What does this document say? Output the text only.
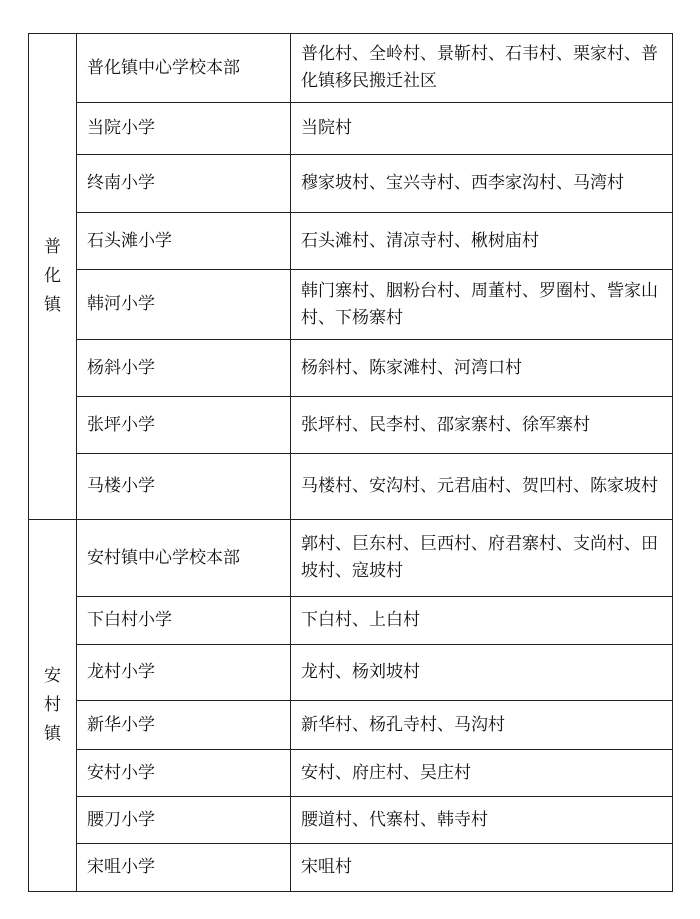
普化镇	普化镇中心学校本部	普化村、全岭村、景靳村、石韦村、栗家村、普化镇移民搬迁社区
	当院小学	当院村
	终南小学	穆家坡村、宝兴寺村、西李家沟村、马湾村
	石头滩小学	石头滩村、清凉寺村、楸树庙村
	韩河小学	韩门寨村、胭粉台村、周董村、罗圈村、訾家山村、下杨寨村
	杨斜小学	杨斜村、陈家滩村、河湾口村
	张坪小学	张坪村、民李村、邵家寨村、徐军寨村
	马楼小学	马楼村、安沟村、元君庙村、贺凹村、陈家坡村
安村镇	安村镇中心学校本部	郭村、巨东村、巨西村、府君寨村、支尚村、田坡村、寇坡村
	下白村小学	下白村、上白村
	龙村小学	龙村、杨刘坡村
	新华小学	新华村、杨孔寺村、马沟村
	安村小学	安村、府庄村、吴庄村
	腰刀小学	腰道村、代寨村、韩寺村
	宋咀小学	宋咀村
